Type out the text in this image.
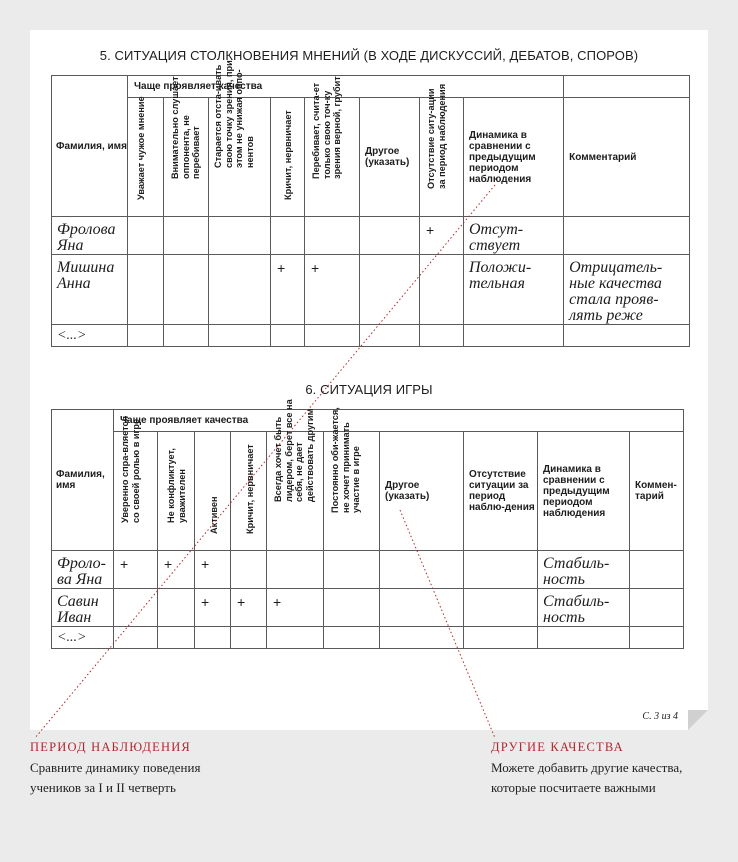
5. СИТУАЦИЯ СТОЛКНОВЕНИЯ МНЕНИЙ (В ХОДЕ ДИСКУССИЙ, ДЕБАТОВ, СПОРОВ)
Фамилия, имя	Чаще проявляет качества								

	Уважает чужое мнение	Внимательно слушает оппонента, не перебивает	Старается отста-ивать свою точку зрения, при этом не унижая оппо-нентов	Кричит, нервничает	Перебивает, счита-ет только свою точ-ку зрения верной, грубит	Другое (указать)	Отсутствие ситу-ации за период наблюдения	Динамика в сравнении с предыдущим периодом наблюдения	Комментарий
Фролова Яна							+	Отсут-ствует	
Мишина Анна				+	+			Положи-тельная	Отрицатель-ные качества стала прояв-лять реже
<...>									
6. СИТУАЦИЯ ИГРЫ
Фамилия, имя	Чаще проявляет качества									

	Уверенно спра-вляется со своей ролью в игре	Не конфликтует, уважителен	Активен	Кричит, нервничает	Всегда хочет быть лидером, берет все на себя, не дает действовать другим	Постоянно оби-жается, не хочет принимать участие в игре	Другое (указать)	Отсутствие ситуации за период наблю-дения	Динамика в сравнении с предыдущим периодом наблюдения	Коммен-тарий
Фроло-ва Яна	+	+	+						Стабиль-ность	
Савин Иван			+	+	+				Стабиль-ность	
<...>										
С. 3 из 4
ПЕРИОД НАБЛЮДЕНИЯ
Сравните динамику поведения
учеников за I и II четверть
ДРУГИЕ КАЧЕСТВА
Можете добавить другие качества,
которые посчитаете важными
